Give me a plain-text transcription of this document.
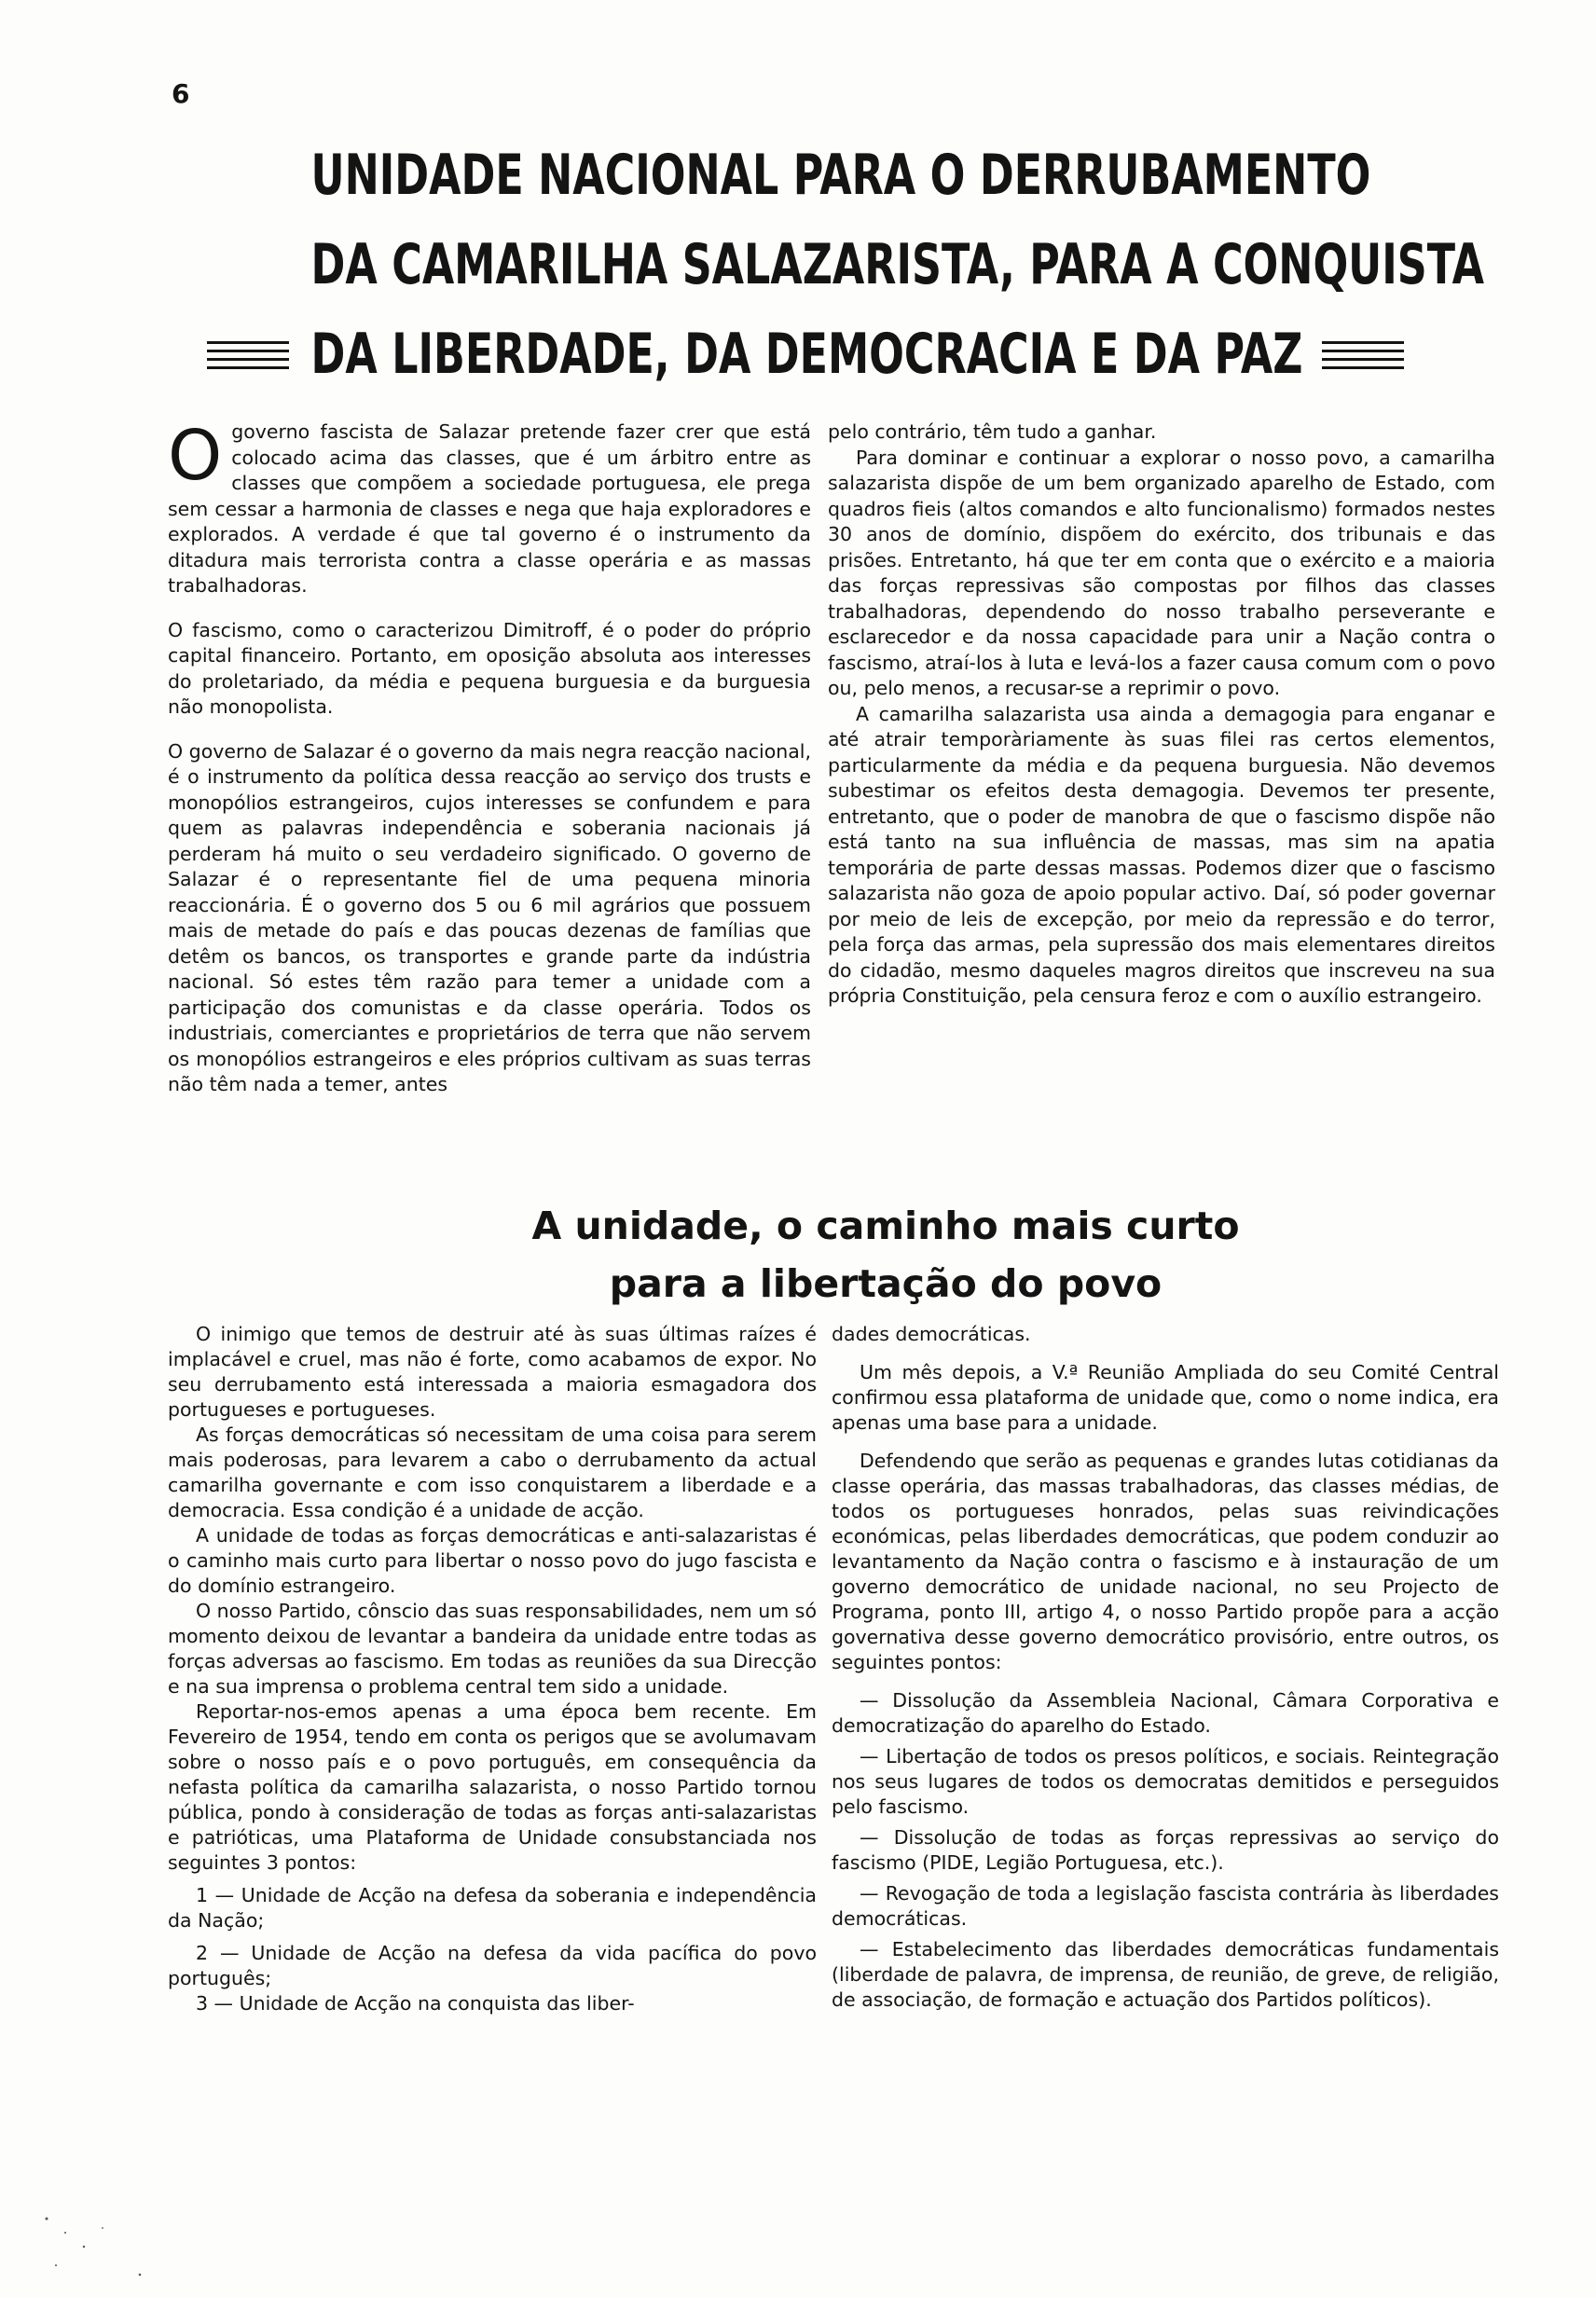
6
UNIDADE NACIONAL PARA O DERRUBAMENTO
DA CAMARILHA SALAZARISTA, PARA A CONQUISTA
DA LIBERDADE, DA DEMOCRACIA E DA PAZ

O governo fascista de Salazar pretende fazer crer que está colocado acima das classes, que é um árbitro entre as classes que compõem a sociedade portuguesa, ele prega sem cessar a harmonia de classes e nega que haja exploradores e explorados. A verdade é que tal governo é o instrumento da ditadura mais terrorista contra a classe operária e as massas trabalhadoras.

O fascismo, como o caracterizou Dimitroff, é o poder do próprio capital financeiro. Portanto, em oposição absoluta aos interesses do proletariado, da média e pequena burguesia e da burguesia não monopolista.

O governo de Salazar é o governo da mais negra reacção nacional, é o instrumento da política dessa reacção ao serviço dos trusts e monopólios estrangeiros, cujos interesses se confundem e para quem as palavras independência e soberania nacionais já perderam há muito o seu verdadeiro significado. O governo de Salazar é o representante fiel de uma pequena minoria reaccionária. É o governo dos 5 ou 6 mil agrários que possuem mais de metade do país e das poucas dezenas de famílias que detêm os bancos, os transportes e grande parte da indústria nacional. Só estes têm razão para temer a unidade com a participação dos comunistas e da classe operária. Todos os industriais, comerciantes e proprietários de terra que não servem os monopólios estrangeiros e eles próprios cultivam as suas terras não têm nada a temer, antes

pelo contrário, têm tudo a ganhar.

Para dominar e continuar a explorar o nosso povo, a camarilha salazarista dispõe de um bem organizado aparelho de Estado, com quadros fieis (altos comandos e alto funcionalismo) formados nestes 30 anos de domínio, dispõem do exército, dos tribunais e das prisões. Entretanto, há que ter em conta que o exército e a maioria das forças repressivas são compostas por filhos das classes trabalhadoras, dependendo do nosso trabalho perseverante e esclarecedor e da nossa capacidade para unir a Nação contra o fascismo, atraí-los à luta e levá-los a fazer causa comum com o povo ou, pelo menos, a recusar-se a reprimir o povo.

A camarilha salazarista usa ainda a demagogia para enganar e até atrair temporàriamente às suas filei ras certos elementos, particularmente da média e da pequena burguesia. Não devemos subestimar os efeitos desta demagogia. Devemos ter presente, entretanto, que o poder de manobra de que o fascismo dispõe não está tanto na sua influência de massas, mas sim na apatia temporária de parte dessas massas. Podemos dizer que o fascismo salazarista não goza de apoio popular activo. Daí, só poder governar por meio de leis de excepção, por meio da repressão e do terror, pela força das armas, pela supressão dos mais elementares direitos do cidadão, mesmo daqueles magros direitos que inscreveu na sua própria Constituição, pela censura feroz e com o auxílio estrangeiro.

A unidade, o caminho mais curto
para a libertação do povo

O inimigo que temos de destruir até às suas últimas raízes é implacável e cruel, mas não é forte, como acabamos de expor. No seu derrubamento está interessada a maioria esmagadora dos portugueses e portugueses.

As forças democráticas só necessitam de uma coisa para serem mais poderosas, para levarem a cabo o derrubamento da actual camarilha governante e com isso conquistarem a liberdade e a democracia. Essa condição é a unidade de acção.

A unidade de todas as forças democráticas e anti-salazaristas é o caminho mais curto para libertar o nosso povo do jugo fascista e do domínio estrangeiro.

O nosso Partido, cônscio das suas responsabilidades, nem um só momento deixou de levantar a bandeira da unidade entre todas as forças adversas ao fascismo. Em todas as reuniões da sua Direcção e na sua imprensa o problema central tem sido a unidade.

Reportar-nos-emos apenas a uma época bem recente. Em Fevereiro de 1954, tendo em conta os perigos que se avolumavam sobre o nosso país e o povo português, em consequência da nefasta política da camarilha salazarista, o nosso Partido tornou pública, pondo à consideração de todas as forças anti-salazaristas e patrióticas, uma Plataforma de Unidade consubstanciada nos seguintes 3 pontos:

1 — Unidade de Acção na defesa da soberania e independência da Nação;

2 — Unidade de Acção na defesa da vida pacífica do povo português;

3 — Unidade de Acção na conquista das liber-

dades democráticas.

Um mês depois, a V.ª Reunião Ampliada do seu Comité Central confirmou essa plataforma de unidade que, como o nome indica, era apenas uma base para a unidade.

Defendendo que serão as pequenas e grandes lutas cotidianas da classe operária, das massas trabalhadoras, das classes médias, de todos os portugueses honrados, pelas suas reivindicações económicas, pelas liberdades democráticas, que podem conduzir ao levantamento da Nação contra o fascismo e à instauração de um governo democrático de unidade nacional, no seu Projecto de Programa, ponto III, artigo 4, o nosso Partido propõe para a acção governativa desse governo democrático provisório, entre outros, os seguintes pontos:

— Dissolução da Assembleia Nacional, Câmara Corporativa e democratização do aparelho do Estado.

— Libertação de todos os presos políticos, e sociais. Reintegração nos seus lugares de todos os democratas demitidos e perseguidos pelo fascismo.

— Dissolução de todas as forças repressivas ao serviço do fascismo (PIDE, Legião Portuguesa, etc.).

— Revogação de toda a legislação fascista contrária às liberdades democráticas.

— Estabelecimento das liberdades democráticas fundamentais (liberdade de palavra, de imprensa, de reunião, de greve, de religião, de associação, de formação e actuação dos Partidos políticos).
